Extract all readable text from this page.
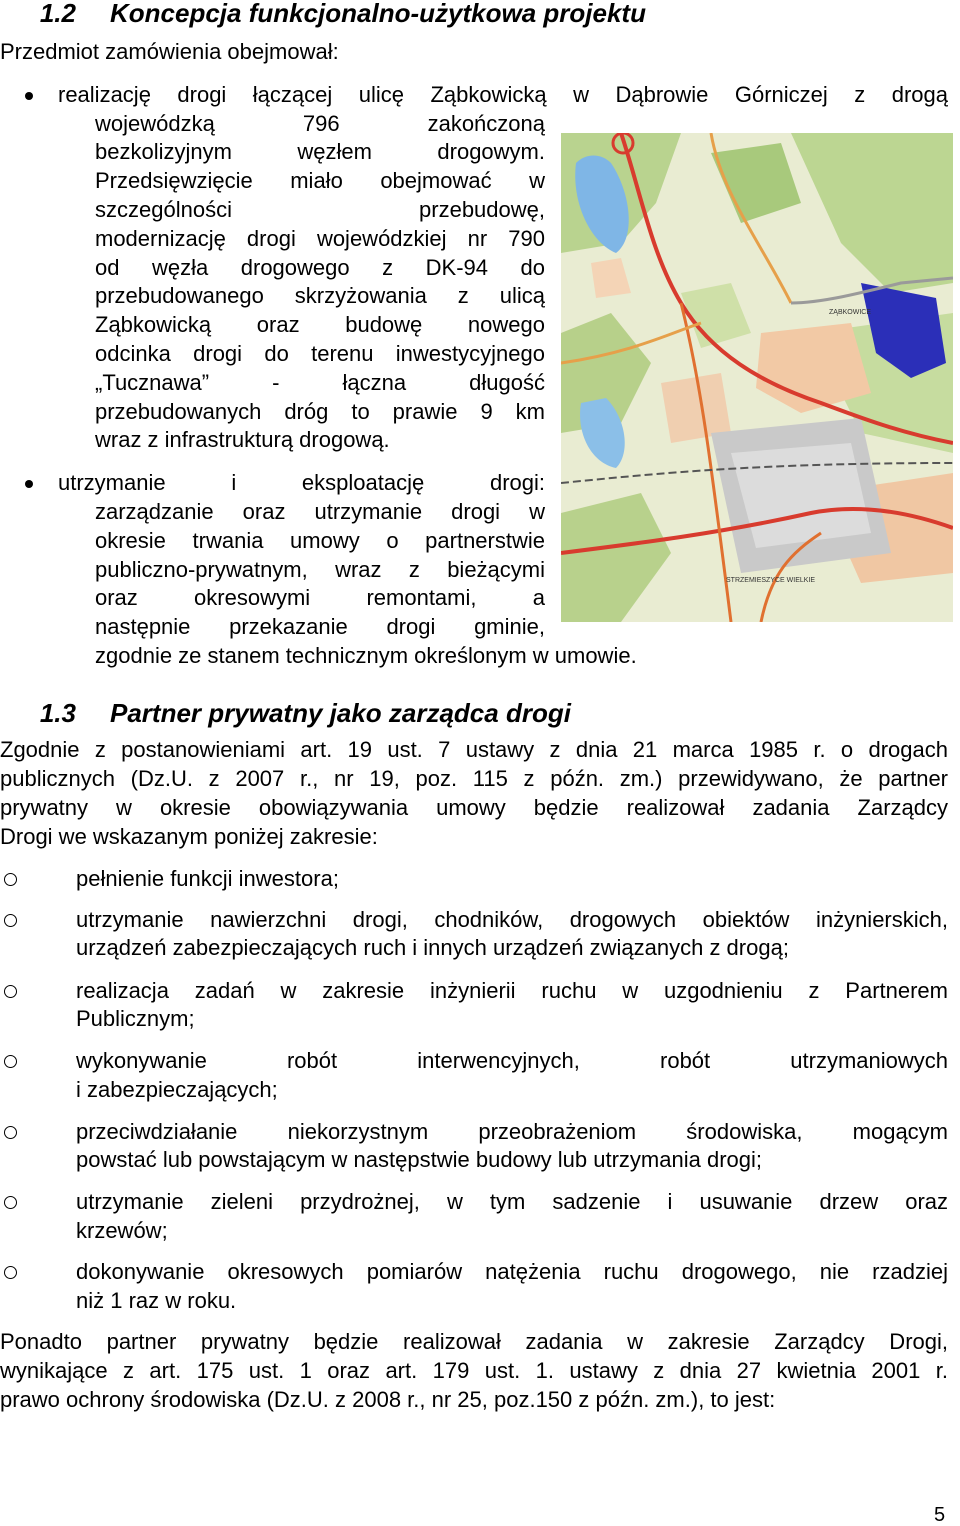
1.2 Koncepcja funkcjonalno-użytkowa projektu
Przedmiot zamówienia obejmował:
realizację drogi łączącej ulicę Ząbkowicką w Dąbrowie Górniczej z drogą
wojewódzką 796 zakończoną
bezkolizyjnym węzłem drogowym.
Przedsięwzięcie miało obejmować w
szczególności przebudowę,
modernizację drogi wojewódzkiej nr 790
od węzła drogowego z DK-94 do
przebudowanego skrzyżowania z ulicą
Ząbkowicką oraz budowę nowego
odcinka drogi do terenu inwestycyjnego
„Tucznawa” - łączna długość
przebudowanych dróg to prawie 9 km
wraz z infrastrukturą drogową.
utrzymanie i eksploatację drogi:
zarządzanie oraz utrzymanie drogi w
okresie trwania umowy o partnerstwie
publiczno-prywatnym, wraz z bieżącymi
oraz okresowymi remontami, a
następnie przekazanie drogi gminie,
zgodnie ze stanem technicznym określonym w umowie.
ZĄBKOWICE
STRZEMIESZYCE WIELKIE
1.3 Partner prywatny jako zarządca drogi
Zgodnie z postanowieniami art. 19 ust. 7 ustawy z dnia 21 marca 1985 r. o drogach
publicznych (Dz.U. z 2007 r., nr 19, poz. 115 z późn. zm.) przewidywano, że partner
prywatny w okresie obowiązywania umowy będzie realizował zadania Zarządcy
Drogi we wskazanym poniżej zakresie:
pełnienie funkcji inwestora;
utrzymanie nawierzchni drogi, chodników, drogowych obiektów inżynierskich,
urządzeń zabezpieczających ruch i innych urządzeń związanych z drogą;
realizacja zadań w zakresie inżynierii ruchu w uzgodnieniu z Partnerem
Publicznym;
wykonywanie robót interwencyjnych, robót utrzymaniowych
i zabezpieczających;
przeciwdziałanie niekorzystnym przeobrażeniom środowiska, mogącym
powstać lub powstającym w następstwie budowy lub utrzymania drogi;
utrzymanie zieleni przydrożnej, w tym sadzenie i usuwanie drzew oraz
krzewów;
dokonywanie okresowych pomiarów natężenia ruchu drogowego, nie rzadziej
niż 1 raz w roku.
Ponadto partner prywatny będzie realizował zadania w zakresie Zarządcy Drogi,
wynikające z art. 175 ust. 1 oraz art. 179 ust. 1. ustawy z dnia 27 kwietnia 2001 r.
prawo ochrony środowiska (Dz.U. z 2008 r., nr 25, poz.150 z późn. zm.), to jest:
5
